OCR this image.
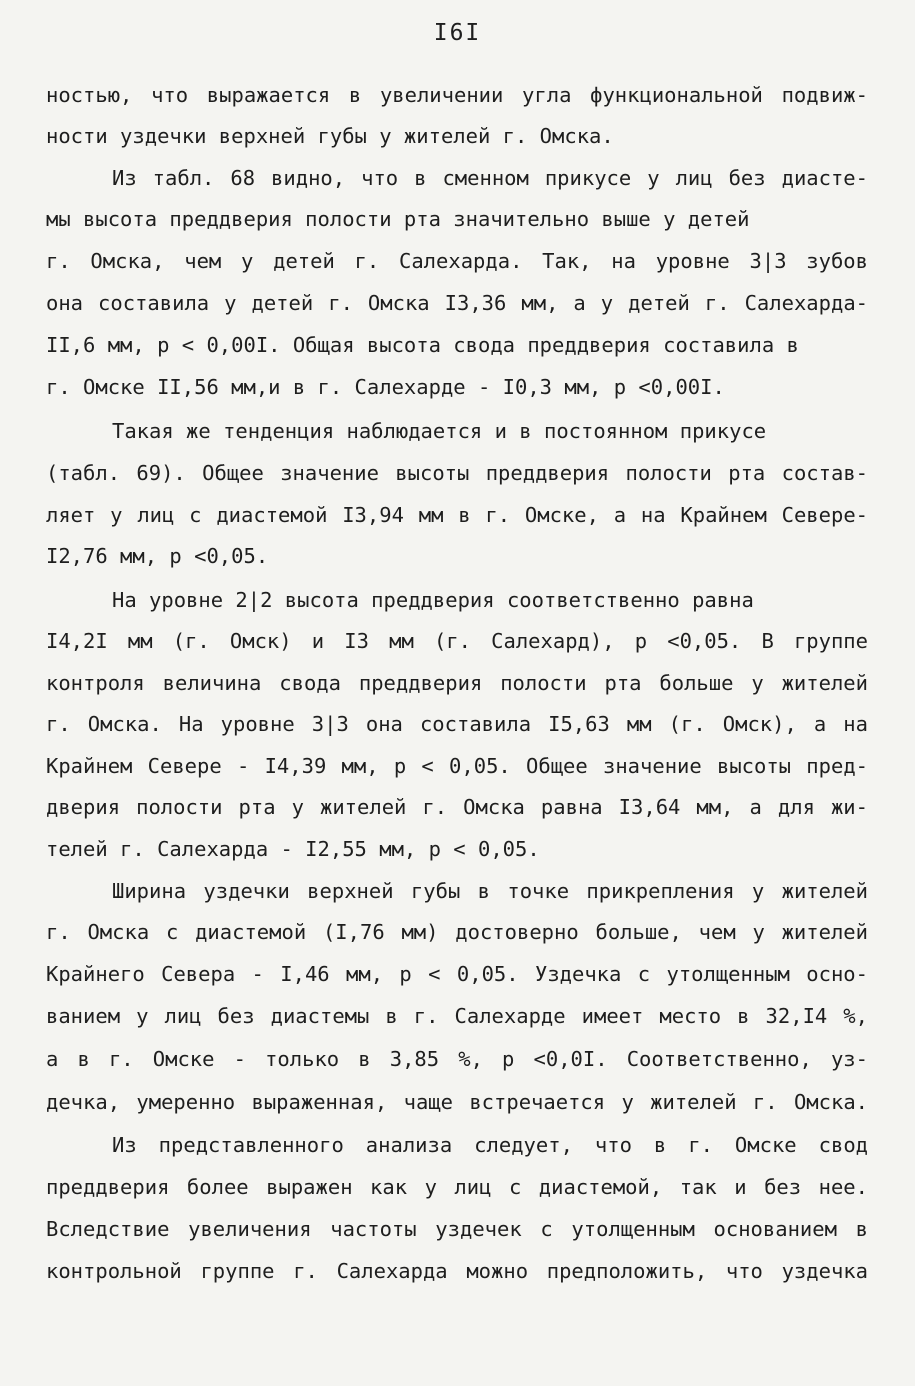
I6I
ностью, что выражается в увеличении угла функциональной подвиж-
ности уздечки верхней губы у жителей г. Омска.
Из табл. 68 видно, что в сменном прикусе у лиц без диасте-
мы высота преддверия полости рта значительно выше у детей
г. Омска, чем у детей г. Салехарда. Так, на уровне 3|3 зубов
она составила у детей г. Омска I3,36 мм, а у детей г. Салехарда-
II,6 мм, р < 0,00I. Общая высота свода преддверия составила в
г. Омске II,56 мм,и в г. Салехарде - I0,3 мм, р <0,00I.
Такая же тенденция наблюдается и в постоянном прикусе
(табл. 69). Общее значение высоты преддверия полости рта состав-
ляет у лиц с диастемой I3,94 мм в г. Омске, а на Крайнем Севере-
I2,76 мм, р <0,05.
На уровне 2|2 высота преддверия соответственно равна
I4,2I мм (г. Омск) и I3 мм (г. Салехард), р <0,05. В группе
контроля величина свода преддверия полости рта больше у жителей
г. Омска. На уровне 3|3 она составила I5,63 мм (г. Омск), а на
Крайнем Севере - I4,39 мм, р < 0,05. Общее значение высоты пред-
дверия полости рта у жителей г. Омска равна I3,64 мм, а для жи-
телей г. Салехарда - I2,55 мм, р < 0,05.
Ширина уздечки верхней губы в точке прикрепления у жителей
г. Омска с диастемой (I,76 мм) достоверно больше, чем у жителей
Крайнего Севера - I,46 мм, р < 0,05. Уздечка с утолщенным осно-
ванием у лиц без диастемы в г. Салехарде имеет место в 32,I4 %,
а в г. Омске - только в 3,85 %, р <0,0I. Соответственно, уз-
дечка, умеренно выраженная, чаще встречается у жителей г. Омска.
Из представленного анализа следует, что в г. Омске свод
преддверия более выражен как у лиц с диастемой, так и без нее.
Вследствие увеличения частоты уздечек с утолщенным основанием в
контрольной группе г. Салехарда можно предположить, что уздечка
